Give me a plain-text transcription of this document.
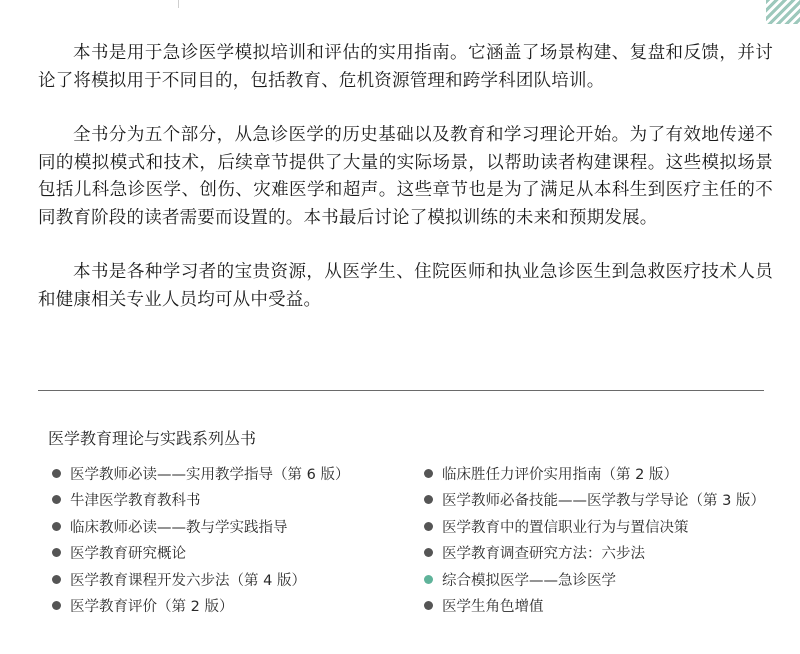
本书是用于急诊医学模拟培训和评估的实用指南。它涵盖了场景构建、复盘和反馈，并讨论了将模拟用于不同目的，包括教育、危机资源管理和跨学科团队培训。

全书分为五个部分，从急诊医学的历史基础以及教育和学习理论开始。为了有效地传递不同的模拟模式和技术，后续章节提供了大量的实际场景，以帮助读者构建课程。这些模拟场景包括儿科急诊医学、创伤、灾难医学和超声。这些章节也是为了满足从本科生到医疗主任的不同教育阶段的读者需要而设置的。本书最后讨论了模拟训练的未来和预期发展。

本书是各种学习者的宝贵资源，从医学生、住院医师和执业急诊医生到急救医疗技术人员和健康相关专业人员均可从中受益。

医学教育理论与实践系列丛书
医学教师必读——实用教学指导（第 6 版）
牛津医学教育教科书
临床教师必读——教与学实践指导
医学教育研究概论
医学教育课程开发六步法（第 4 版）
医学教育评价（第 2 版）
临床胜任力评价实用指南（第 2 版）
医学教师必备技能——医学教与学导论（第 3 版）
医学教育中的置信职业行为与置信决策
医学教育调查研究方法：六步法
综合模拟医学——急诊医学
医学生角色增值
